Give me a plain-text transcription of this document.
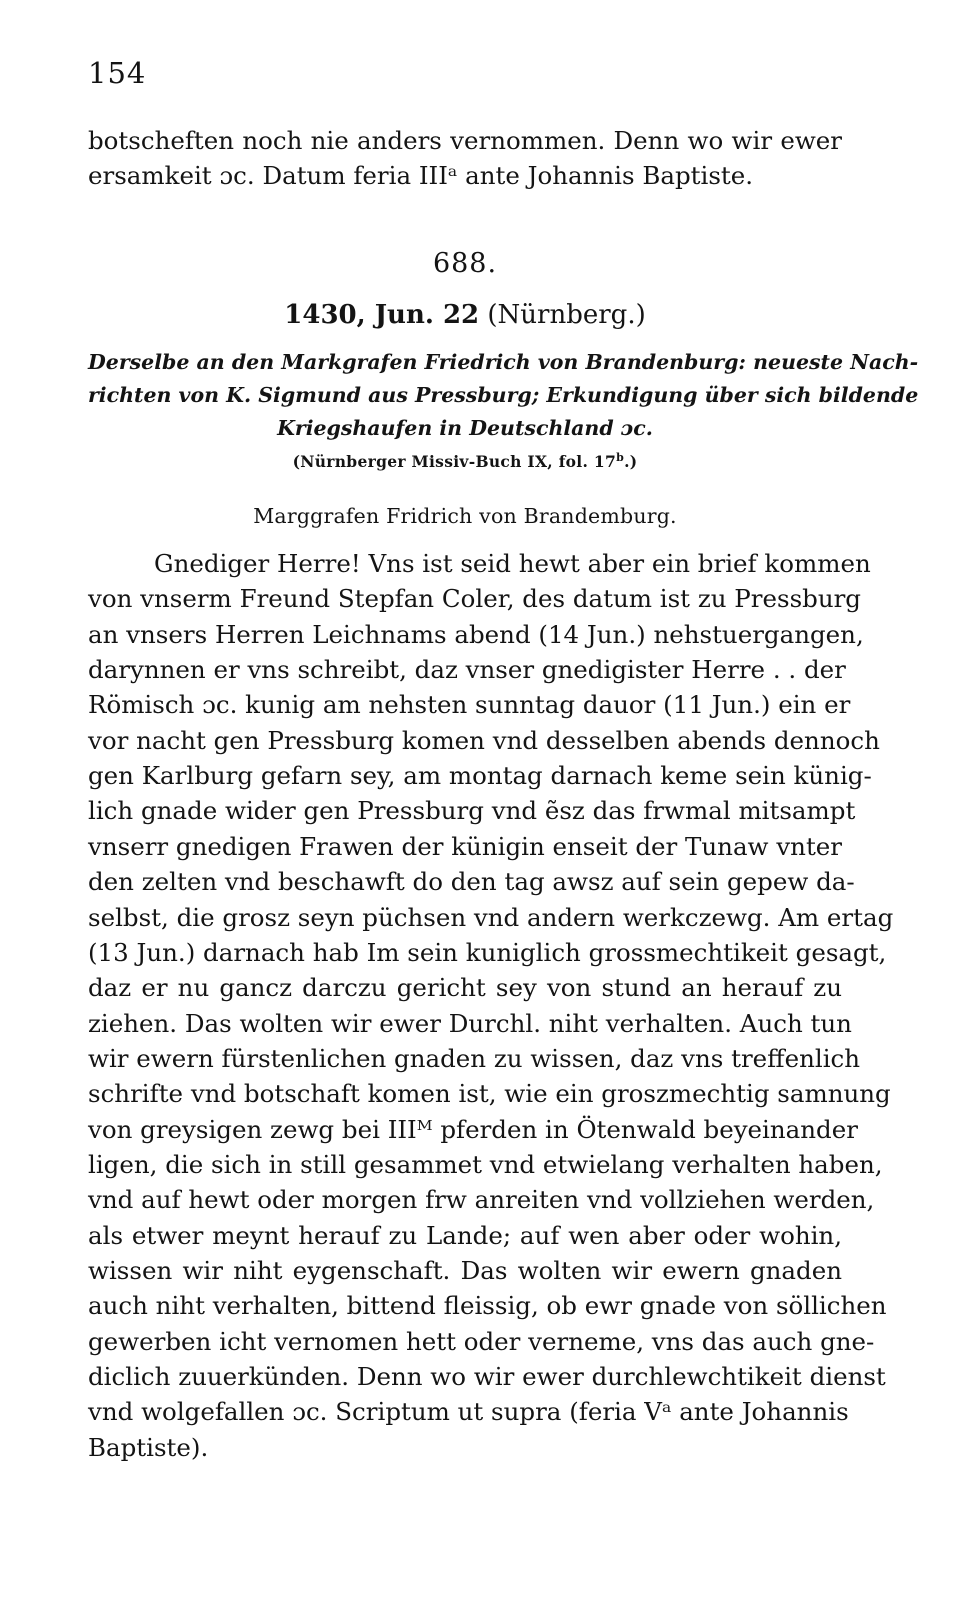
154
botscheften noch nie anders vernommen. Denn wo wir ewer
ersamkeit ɔc. Datum feria IIIᵃ ante Johannis Baptiste.
688.
1430, Jun. 22 (Nürnberg.)
Derselbe an den Markgrafen Friedrich von Brandenburg: neueste Nach-
richten von K. Sigmund aus Pressburg; Erkundigung über sich bildende
Kriegshaufen in Deutschland ɔc.
(Nürnberger Missiv-Buch IX, fol. 17$^b$.)
Marggrafen Fridrich von Brandemburg.
Gnediger Herre! Vns ist seid hewt aber ein brief kommen
von vnserm Freund Stepfan Coler, des datum ist zu Pressburg
an vnsers Herren Leichnams abend (14 Jun.) nehstuergangen,
darynnen er vns schreibt, daz vnser gnedigister Herre . . der
Römisch ɔc. kunig am nehsten sunntag dauor (11 Jun.) ein er
vor nacht gen Pressburg komen vnd desselben abends dennoch
gen Karlburg gefarn sey, am montag darnach keme sein künig-
lich gnade wider gen Pressburg vnd ẽsz das frwmal mitsampt
vnserr gnedigen Frawen der künigin enseit der Tunaw vnter
den zelten vnd beschawft do den tag awsz auf sein gepew da-
selbst, die grosz seyn püchsen vnd andern werkczewg. Am ertag
(13 Jun.) darnach hab Im sein kuniglich grossmechtikeit gesagt,
daz er nu gancz darczu gericht sey von stund an herauf zu
ziehen. Das wolten wir ewer Durchl. niht verhalten. Auch tun
wir ewern fürstenlichen gnaden zu wissen, daz vns treffenlich
schrifte vnd botschaft komen ist, wie ein groszmechtig samnung
von greysigen zewg bei IIIᴹ pferden in Ötenwald beyeinander
ligen, die sich in still gesammet vnd etwielang verhalten haben,
vnd auf hewt oder morgen frw anreiten vnd vollziehen werden,
als etwer meynt herauf zu Lande; auf wen aber oder wohin,
wissen wir niht eygenschaft. Das wolten wir ewern gnaden
auch niht verhalten, bittend fleissig, ob ewr gnade von söllichen
gewerben icht vernomen hett oder verneme, vns das auch gne-
diclich zuuerkünden. Denn wo wir ewer durchlewchtikeit dienst
vnd wolgefallen ɔc. Scriptum ut supra (feria Vᵃ ante Johannis
Baptiste).
